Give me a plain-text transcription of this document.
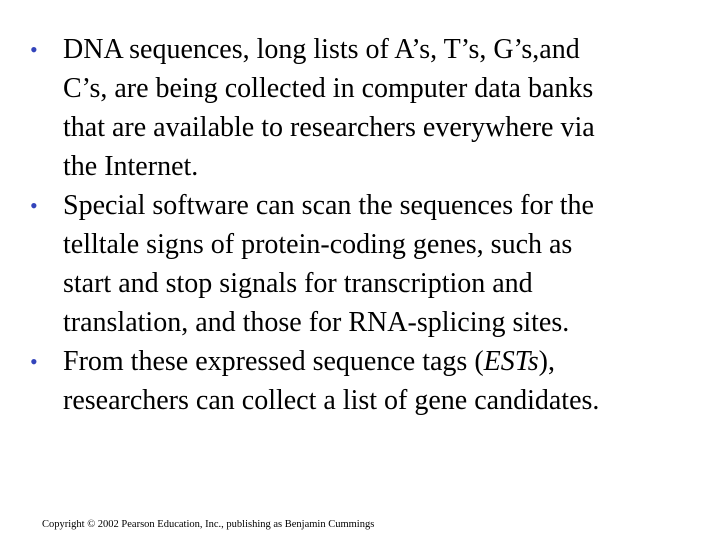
• DNA sequences, long lists of A’s, T’s, G’s,and
C’s, are being collected in computer data banks
that are available to researchers everywhere via
the Internet.
• Special software can scan the sequences for the
telltale signs of protein-coding genes, such as
start and stop signals for transcription and
translation, and those for RNA-splicing sites.
• From these expressed sequence tags (ESTs),
researchers can collect a list of gene candidates.
Copyright © 2002 Pearson Education, Inc., publishing as Benjamin Cummings
